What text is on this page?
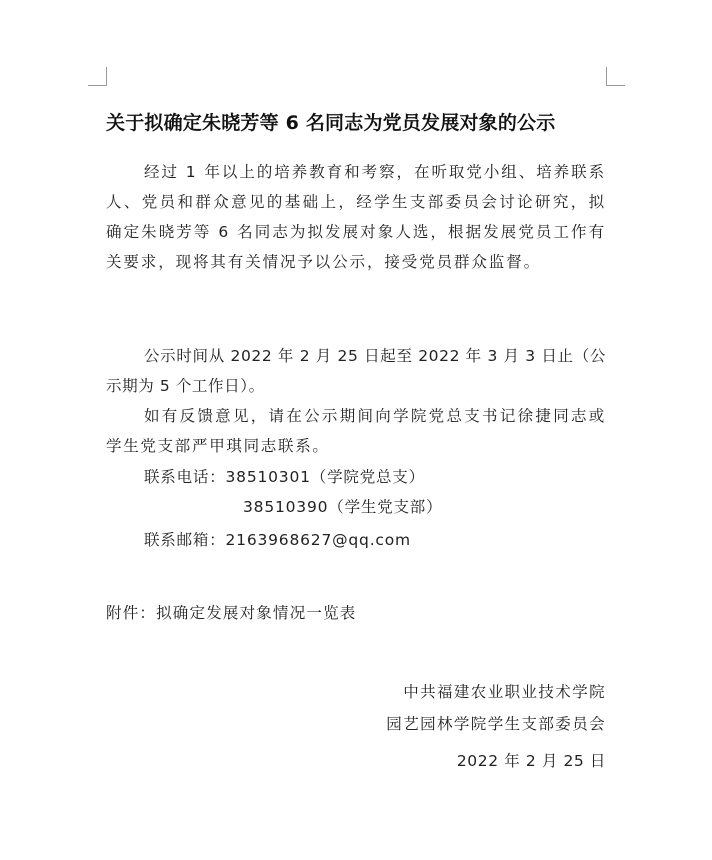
关于拟确定朱晓芳等 6 名同志为党员发展对象的公示
经过 1 年以上的培养教育和考察，在听取党小组、培养联系人、党员和群众意见的基础上，经学生支部委员会讨论研究，拟确定朱晓芳等 6 名同志为拟发展对象人选，根据发展党员工作有关要求，现将其有关情况予以公示，接受党员群众监督。
公示时间从 2022 年 2 月 25 日起至 2022 年 3 月 3 日止（公示期为 5 个工作日）。
如有反馈意见，请在公示期间向学院党总支书记徐捷同志或学生党支部严甲琪同志联系。
联系电话：38510301（学院党总支）
38510390（学生党支部）
联系邮箱：2163968627@qq.com
附件：拟确定发展对象情况一览表
中共福建农业职业技术学院
园艺园林学院学生支部委员会
2022 年 2 月 25 日
